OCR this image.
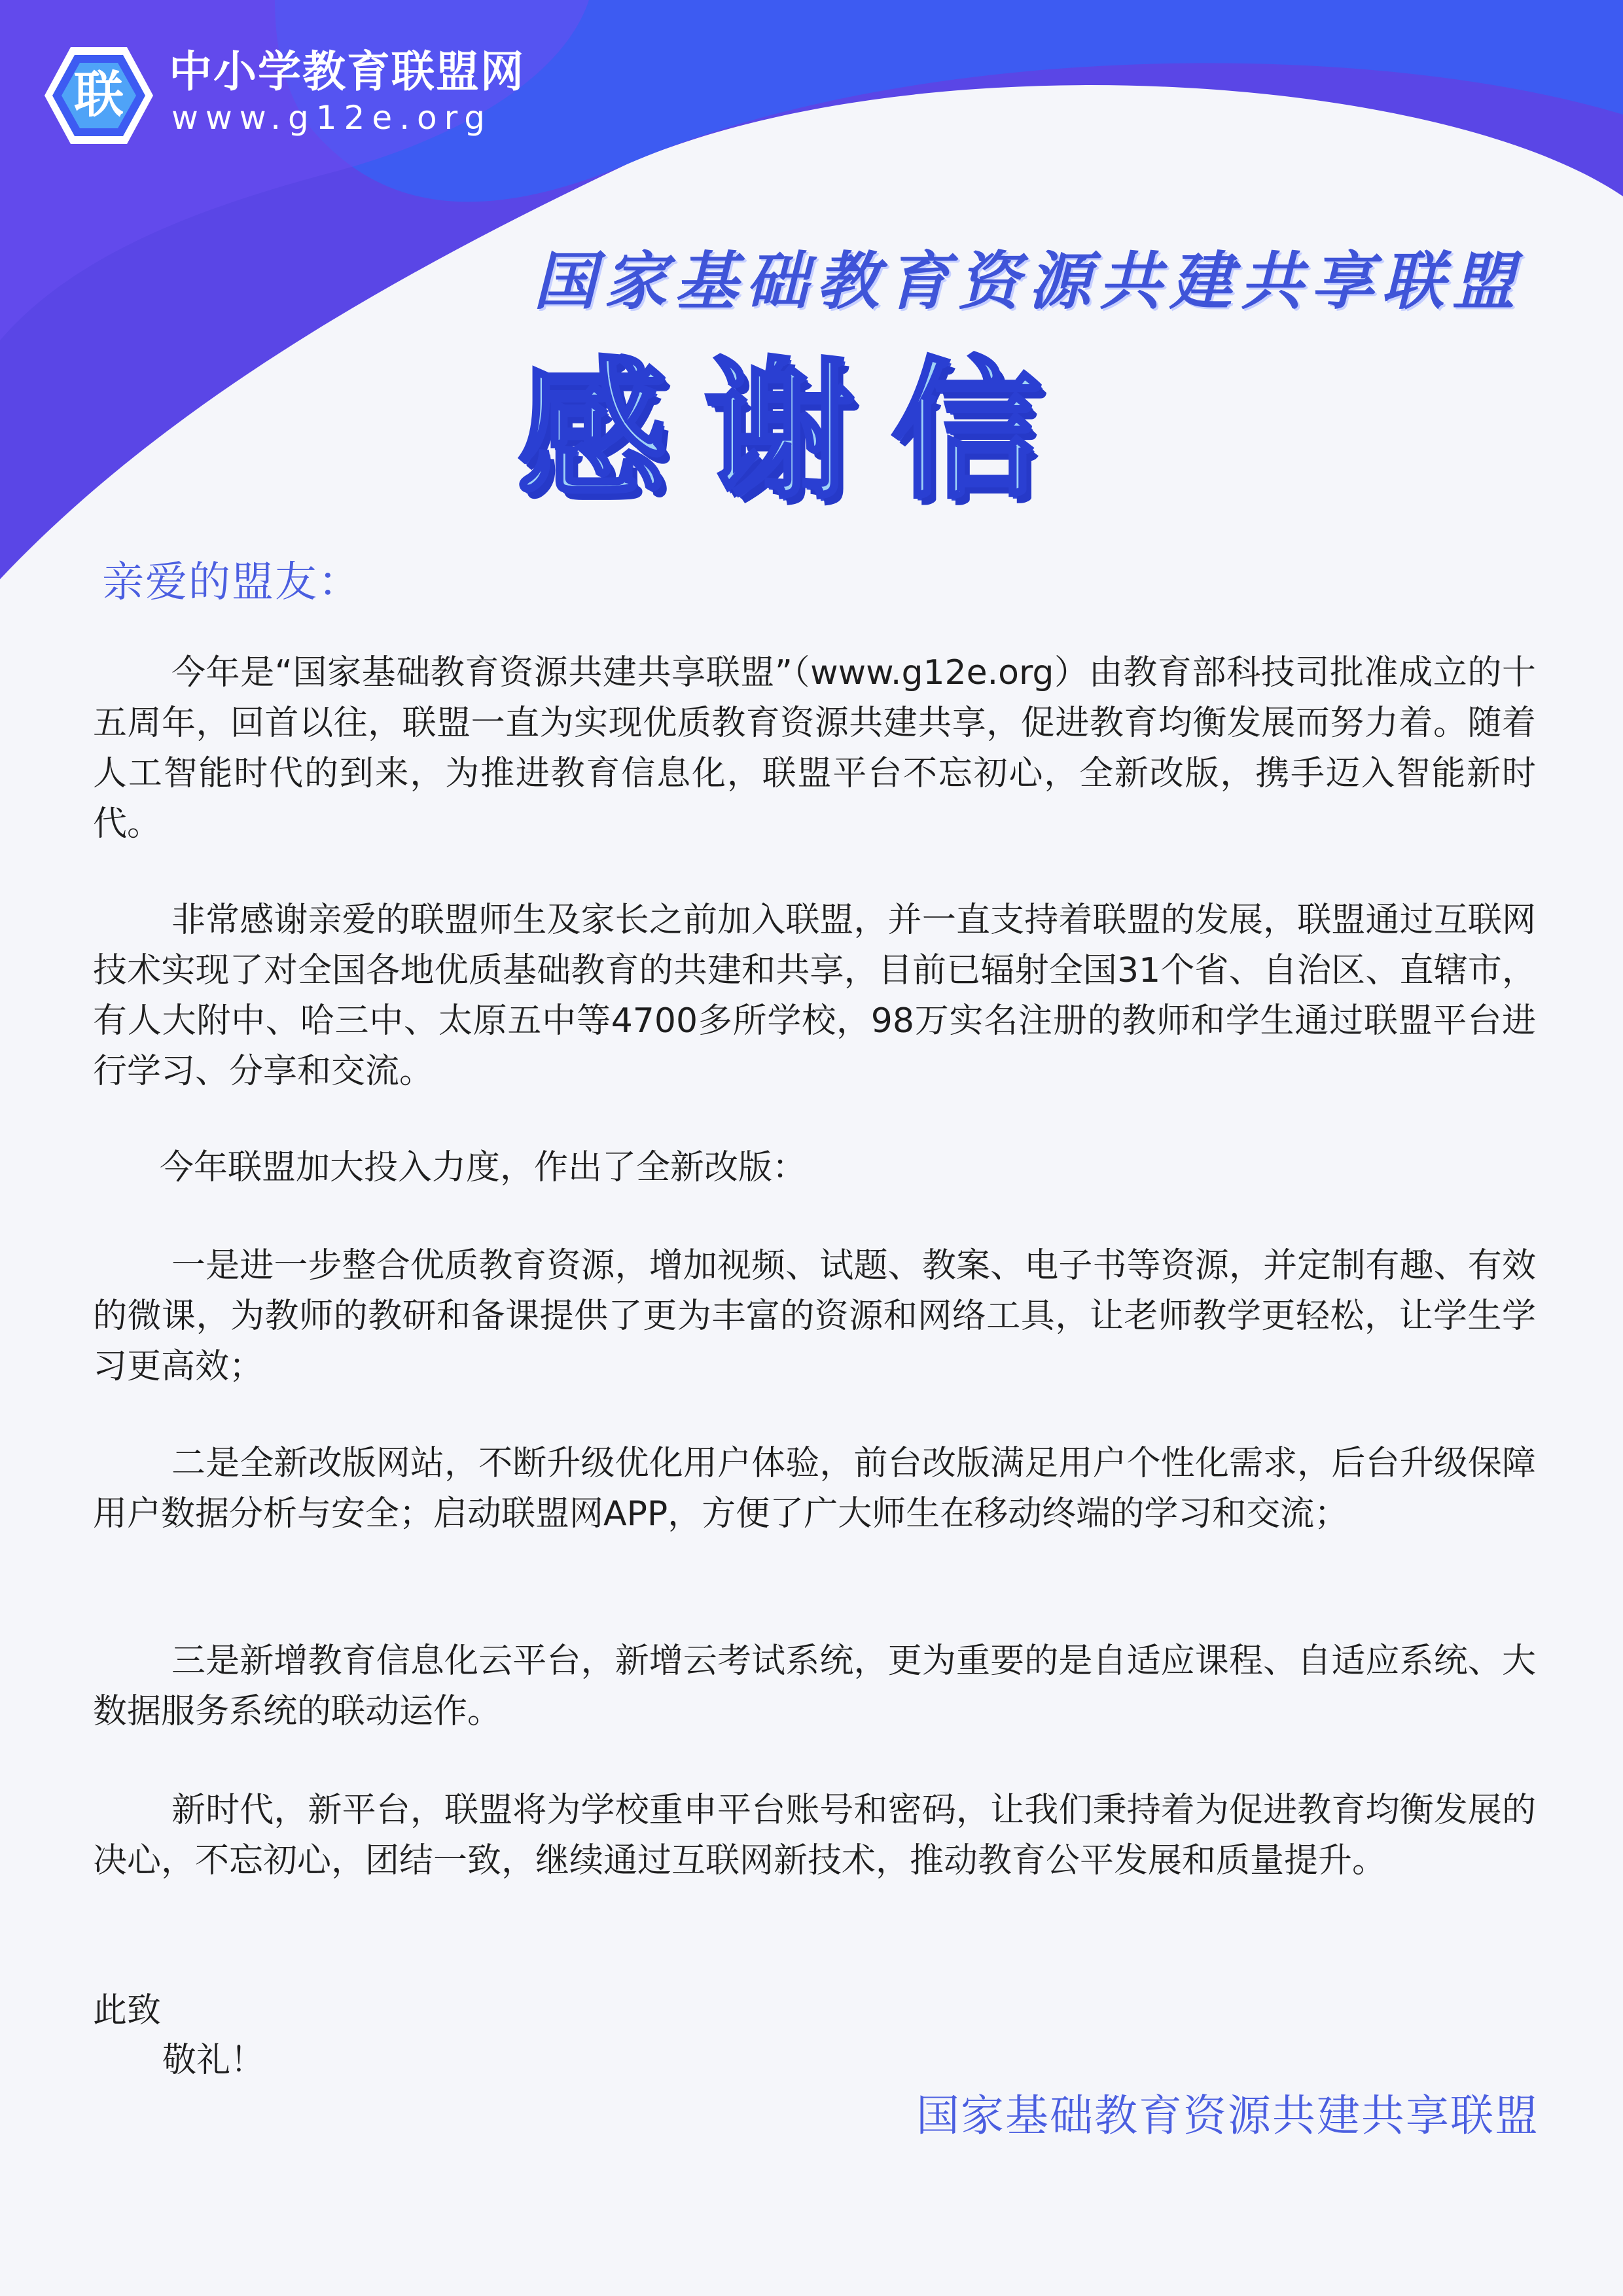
联	中小学教育联盟网
www.g12e.org
国家基础教育资源共建共享联盟
感谢信
亲爱的盟友：

今年是“国家基础教育资源共建共享联盟”（www.g12e.org）由教育部科技司批准成立的十五周年，回首以往，联盟一直为实现优质教育资源共建共享，促进教育均衡发展而努力着。随着人工智能时代的到来，为推进教育信息化，联盟平台不忘初心，全新改版，携手迈入智能新时代。

非常感谢亲爱的联盟师生及家长之前加入联盟，并一直支持着联盟的发展，联盟通过互联网技术实现了对全国各地优质基础教育的共建和共享，目前已辐射全国31个省、自治区、直辖市，有人大附中、哈三中、太原五中等4700多所学校，98万实名注册的教师和学生通过联盟平台进行学习、分享和交流。

今年联盟加大投入力度，作出了全新改版：

一是进一步整合优质教育资源，增加视频、试题、教案、电子书等资源，并定制有趣、有效的微课，为教师的教研和备课提供了更为丰富的资源和网络工具，让老师教学更轻松，让学生学习更高效；

二是全新改版网站，不断升级优化用户体验，前台改版满足用户个性化需求，后台升级保障用户数据分析与安全；启动联盟网APP，方便了广大师生在移动终端的学习和交流；

三是新增教育信息化云平台，新增云考试系统，更为重要的是自适应课程、自适应系统、大数据服务系统的联动运作。

新时代，新平台，联盟将为学校重申平台账号和密码，让我们秉持着为促进教育均衡发展的决心，不忘初心，团结一致，继续通过互联网新技术，推动教育公平发展和质量提升。

此致
敬礼！
国家基础教育资源共建共享联盟
